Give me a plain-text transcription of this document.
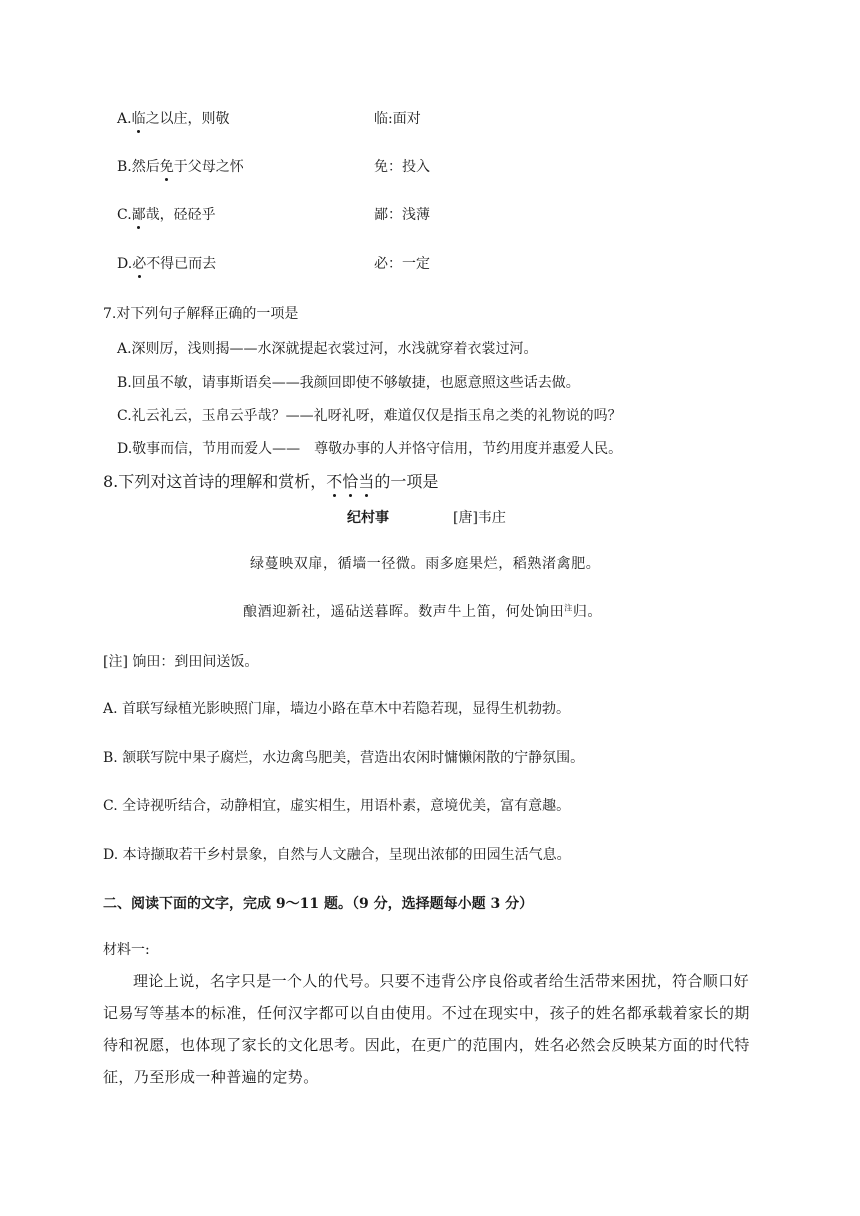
A.临之以庄，则敬	临:面对
B.然后免于父母之怀	免：投入
C.鄙哉，硁硁乎	鄙：浅薄
D.必不得已而去	必：一定
7.对下列句子解释正确的一项是
A.深则厉，浅则揭——水深就提起衣裳过河，水浅就穿着衣裳过河。
B.回虽不敏，请事斯语矣——我颜回即使不够敏捷，也愿意照这些话去做。
C.礼云礼云，玉帛云乎哉？——礼呀礼呀，难道仅仅是指玉帛之类的礼物说的吗？
D.敬事而信，节用而爱人——　尊敬办事的人并恪守信用，节约用度并惠爱人民。
8.下列对这首诗的理解和赏析，不恰当的一项是
纪村事	[唐]韦庄
绿蔓映双扉，循墙一径微。雨多庭果烂，稻熟渚禽肥。
酿酒迎新社，遥砧送暮晖。数声牛上笛，何处饷田$^注$归。
[注] 饷田：到田间送饭。
A. 首联写绿植光影映照门扉，墙边小路在草木中若隐若现，显得生机勃勃。
B. 颔联写院中果子腐烂，水边禽鸟肥美，营造出农闲时慵懒闲散的宁静氛围。
C. 全诗视听结合，动静相宜，虚实相生，用语朴素，意境优美，富有意趣。
D. 本诗撷取若干乡村景象，自然与人文融合，呈现出浓郁的田园生活气息。
二、阅读下面的文字，完成 9～11 题。（9 分，选择题每小题 3 分）
材料一:
理论上说，名字只是一个人的代号。只要不违背公序良俗或者给生活带来困扰，符合顺口好记易写等基本的标准，任何汉字都可以自由使用。不过在现实中，孩子的姓名都承载着家长的期待和祝愿，也体现了家长的文化思考。因此，在更广的范围内，姓名必然会反映某方面的时代特征，乃至形成一种普遍的定势。
